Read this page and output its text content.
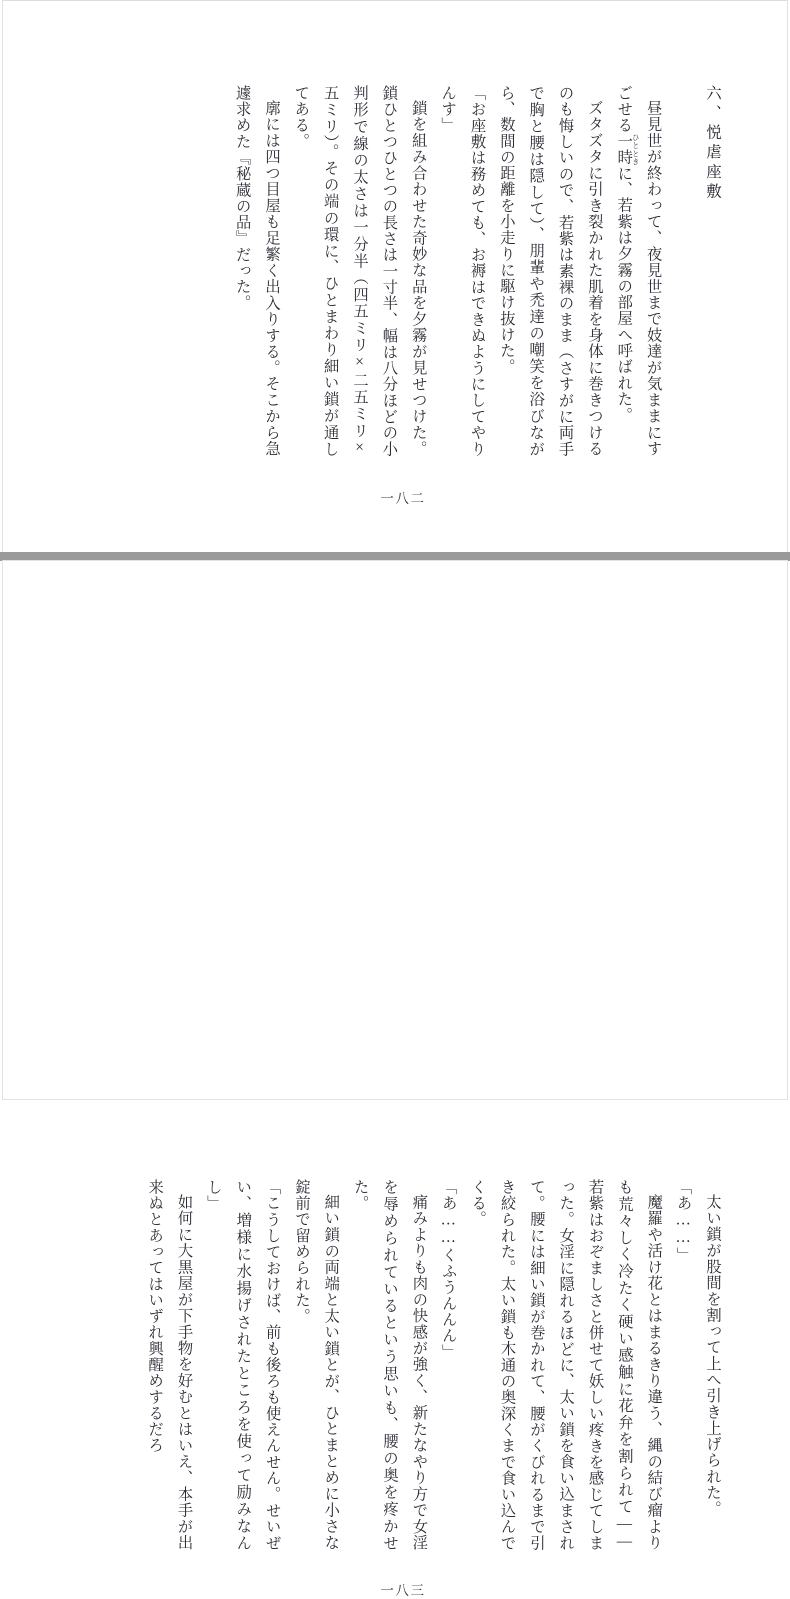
六、悦虐座敷

昼見世が終わって、夜見世まで妓達が気ままにすごせる一時 ひとときに、若紫は夕霧の部屋へ呼ばれた。

ズタズタに引き裂かれた肌着を身体に巻きつけるのも悔しいので、若紫は素裸のまま（さすがに両手で胸と腰は隠して）、朋輩や禿達の嘲笑を浴びながら、数間の距離を小走りに駆け抜けた。

「お座敷は務めても、お褥はできぬようにしてやりんす」

鎖を組み合わせた奇妙な品を夕霧が見せつけた。鎖ひとつひとつの長さは一寸半、幅は八分ほどの小判形で線の太さは一分半（四五ミリ×二五ミリ×五ミリ）。その端の環に、ひとまわり細い鎖が通してある。

廓には四つ目屋も足繁く出入りする。そこから急遽求めた『秘蔵の品』だった。

一八二

太い鎖が股間を割って上へ引き上げられた。

「あ……」

魔羅や活け花とはまるきり違う、縄の結び瘤よりも荒々しく冷たく硬い感触に花弁を割られて――若紫はおぞましさと併せて妖しい疼きを感じてしまった。女淫に隠れるほどに、太い鎖を食い込まされて。腰には細い鎖が巻かれて、腰がくびれるまで引き絞られた。太い鎖も木通の奥深くまで食い込んでくる。

「あ……くふうんんん」

痛みよりも肉の快感が強く、新たなやり方で女淫を辱められているという思いも、腰の奥を疼かせた。

細い鎖の両端と太い鎖とが、ひとまとめに小さな錠前で留められた。

「こうしておけば、前も後ろも使えんせん。せいぜい、増様に水揚げされたところを使って励みなんし」

如何に大黒屋が下手物を好むとはいえ、本手が出来ぬとあってはいずれ興醒めするだろ

一八三
